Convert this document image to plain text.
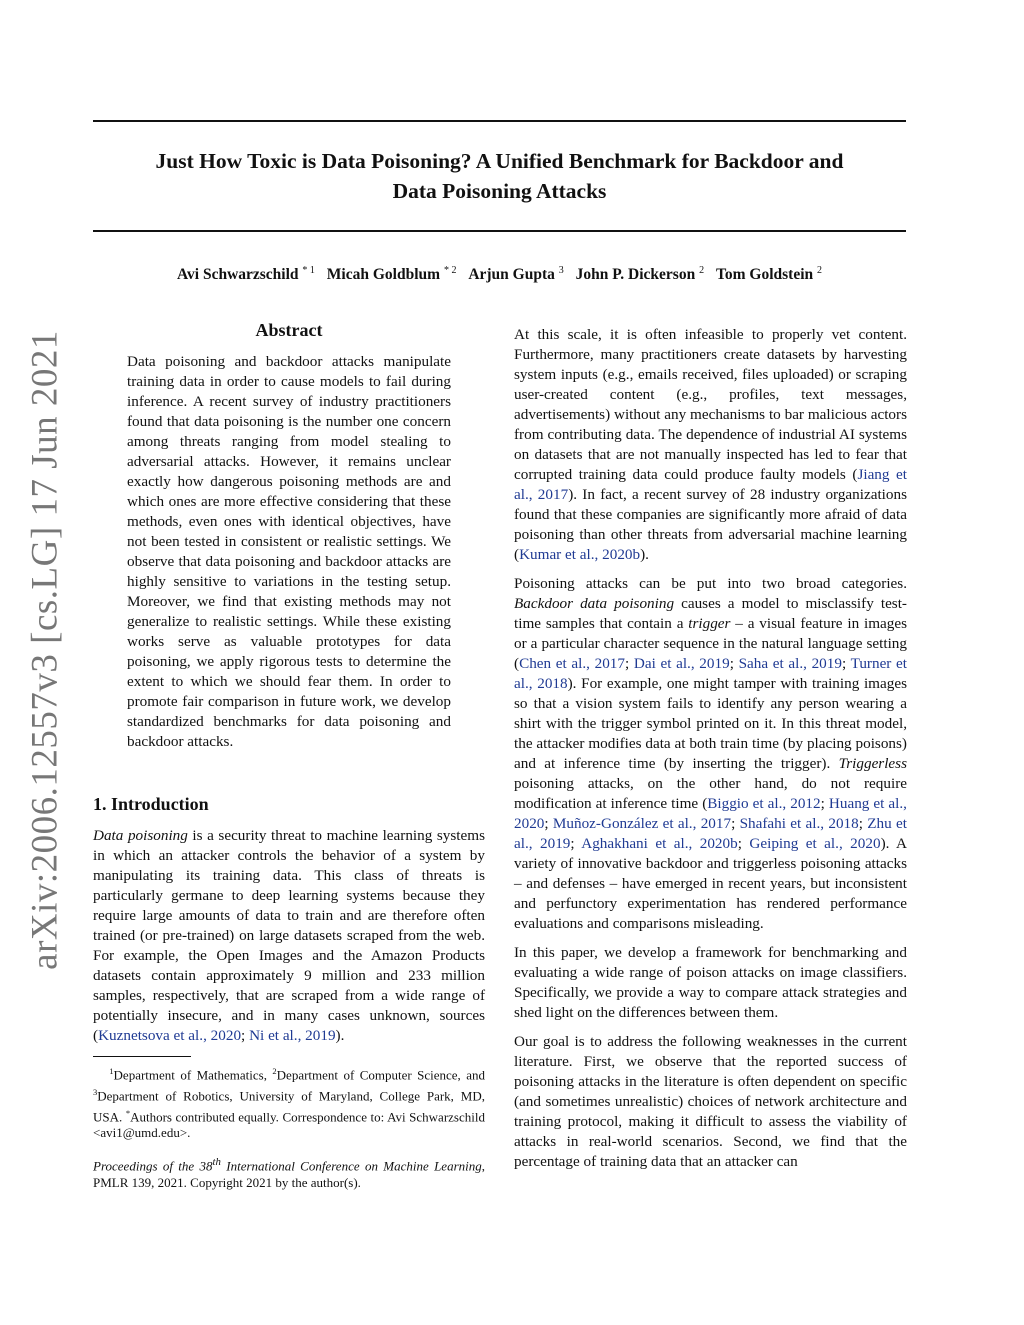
Just How Toxic is Data Poisoning? A Unified Benchmark for Backdoor and
Data Poisoning Attacks
Avi Schwarzschild $^{* 1}$ Micah Goldblum $^{* 2}$ Arjun Gupta $^3$ John P. Dickerson $^2$ Tom Goldstein $^2$
arXiv:2006.12557v3 [cs.LG] 17 Jun 2021
Abstract

Data poisoning and backdoor attacks manipulate training data in order to cause models to fail during inference. A recent survey of industry practitioners found that data poisoning is the number one concern among threats ranging from model stealing to adversarial attacks. However, it remains unclear exactly how dangerous poisoning methods are and which ones are more effective considering that these methods, even ones with identical objectives, have not been tested in consistent or realistic settings. We observe that data poisoning and backdoor attacks are highly sensitive to variations in the testing setup. Moreover, we find that existing methods may not generalize to realistic settings. While these existing works serve as valuable prototypes for data poisoning, we apply rigorous tests to determine the extent to which we should fear them. In order to promote fair comparison in future work, we develop standardized benchmarks for data poisoning and backdoor attacks.

1. Introduction

Data poisoning is a security threat to machine learning systems in which an attacker controls the behavior of a system by manipulating its training data. This class of threats is particularly germane to deep learning systems because they require large amounts of data to train and are therefore often trained (or pre-trained) on large datasets scraped from the web. For example, the Open Images and the Amazon Products datasets contain approximately 9 million and 233 million samples, respectively, that are scraped from a wide range of potentially insecure, and in many cases unknown, sources (Kuznetsova et al., 2020; Ni et al., 2019).

$^1$Department of Mathematics, $^2$Department of Computer Science, and $^3$Department of Robotics, University of Maryland, College Park, MD, USA. *Authors contributed equally. Correspondence to: Avi Schwarzschild <avi1@umd.edu>.
Proceedings of the 38th International Conference on Machine Learning, PMLR 139, 2021. Copyright 2021 by the author(s).

At this scale, it is often infeasible to properly vet content. Furthermore, many practitioners create datasets by harvesting system inputs (e.g., emails received, files uploaded) or scraping user-created content (e.g., profiles, text messages, advertisements) without any mechanisms to bar malicious actors from contributing data. The dependence of industrial AI systems on datasets that are not manually inspected has led to fear that corrupted training data could produce faulty models (Jiang et al., 2017). In fact, a recent survey of 28 industry organizations found that these companies are significantly more afraid of data poisoning than other threats from adversarial machine learning (Kumar et al., 2020b).

Poisoning attacks can be put into two broad categories. Backdoor data poisoning causes a model to misclassify test-time samples that contain a trigger – a visual feature in images or a particular character sequence in the natural language setting (Chen et al., 2017; Dai et al., 2019; Saha et al., 2019; Turner et al., 2018). For example, one might tamper with training images so that a vision system fails to identify any person wearing a shirt with the trigger symbol printed on it. In this threat model, the attacker modifies data at both train time (by placing poisons) and at inference time (by inserting the trigger). Triggerless poisoning attacks, on the other hand, do not require modification at inference time (Biggio et al., 2012; Huang et al., 2020; Muñoz-González et al., 2017; Shafahi et al., 2018; Zhu et al., 2019; Aghakhani et al., 2020b; Geiping et al., 2020). A variety of innovative backdoor and triggerless poisoning attacks – and defenses – have emerged in recent years, but inconsistent and perfunctory experimentation has rendered performance evaluations and comparisons misleading.

In this paper, we develop a framework for benchmarking and evaluating a wide range of poison attacks on image classifiers. Specifically, we provide a way to compare attack strategies and shed light on the differences between them.

Our goal is to address the following weaknesses in the current literature. First, we observe that the reported success of poisoning attacks in the literature is often dependent on specific (and sometimes unrealistic) choices of network architecture and training protocol, making it difficult to assess the viability of attacks in real-world scenarios. Second, we find that the percentage of training data that an attacker can
